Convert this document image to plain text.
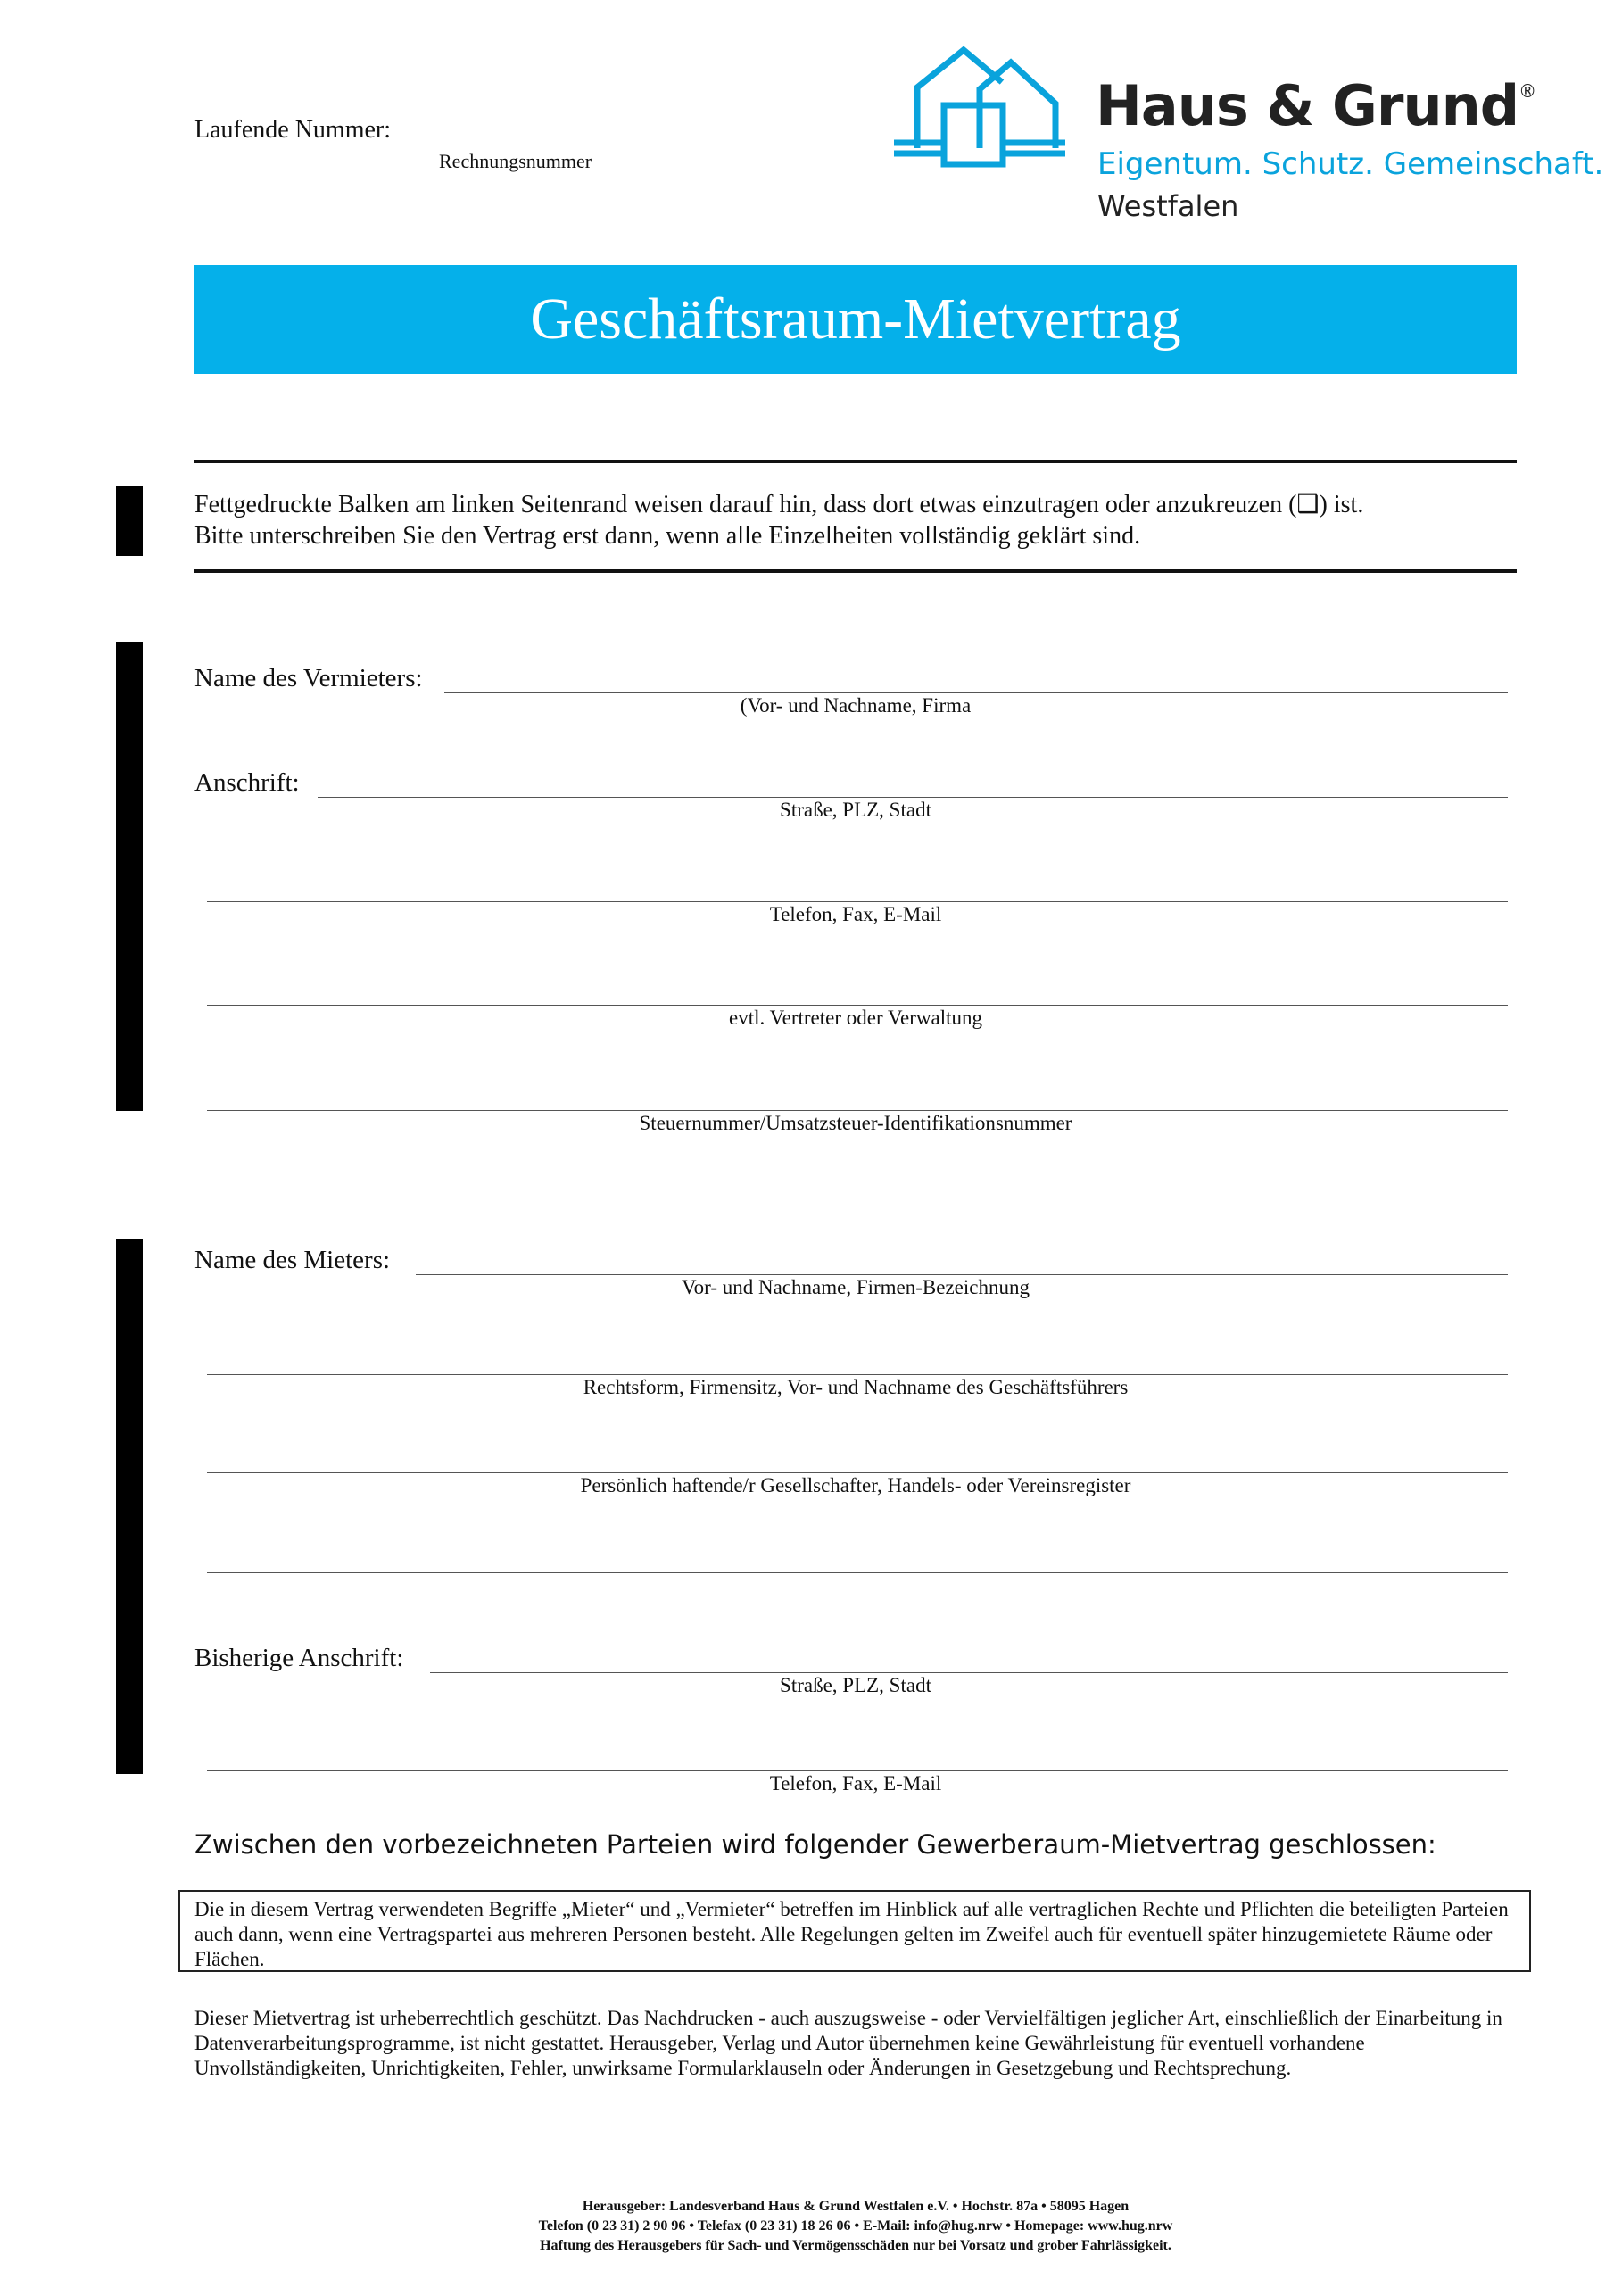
Laufende Nummer:
Rechnungsnummer
Haus & Grund®
Eigentum. Schutz. Gemeinschaft.
Westfalen
Geschäftsraum-Mietvertrag
Fettgedruckte Balken am linken Seitenrand weisen darauf hin, dass dort etwas einzutragen oder anzukreuzen (❑) ist.
Bitte unterschreiben Sie den Vertrag erst dann, wenn alle Einzelheiten vollständig geklärt sind.
Name des Vermieters:
(Vor- und Nachname, Firma
Anschrift:
Straße, PLZ, Stadt
Telefon, Fax, E-Mail
evtl. Vertreter oder Verwaltung
Steuernummer/Umsatzsteuer-Identifikationsnummer
Name des Mieters:
Vor- und Nachname, Firmen-Bezeichnung
Rechtsform, Firmensitz, Vor- und Nachname des Geschäftsführers
Persönlich haftende/r Gesellschafter, Handels- oder Vereinsregister
Bisherige Anschrift:
Straße, PLZ, Stadt
Telefon, Fax, E-Mail
Zwischen den vorbezeichneten Parteien wird folgender Gewerberaum-Mietvertrag geschlossen:
Die in diesem Vertrag verwendeten Begriffe „Mieter“ und „Vermieter“ betreffen im Hinblick auf alle vertraglichen Rechte und Pflichten die beteiligten Parteien auch dann, wenn eine Vertragspartei aus mehreren Personen besteht. Alle Regelungen gelten im Zweifel auch für eventuell später hinzugemietete Räume oder Flächen.
Dieser Mietvertrag ist urheberrechtlich geschützt. Das Nachdrucken - auch auszugsweise - oder Vervielfältigen jeglicher Art, einschließlich der Einarbeitung in Datenverarbeitungsprogramme, ist nicht gestattet. Herausgeber, Verlag und Autor übernehmen keine Gewährleistung für eventuell vorhandene Unvollständigkeiten, Unrichtigkeiten, Fehler, unwirksame Formularklauseln oder Änderungen in Gesetzgebung und Rechtsprechung.
Herausgeber: Landesverband Haus & Grund Westfalen e.V. • Hochstr. 87a • 58095 Hagen
Telefon (0 23 31) 2 90 96 • Telefax (0 23 31) 18 26 06 • E-Mail: info@hug.nrw • Homepage: www.hug.nrw
Haftung des Herausgebers für Sach- und Vermögensschäden nur bei Vorsatz und grober Fahrlässigkeit.
